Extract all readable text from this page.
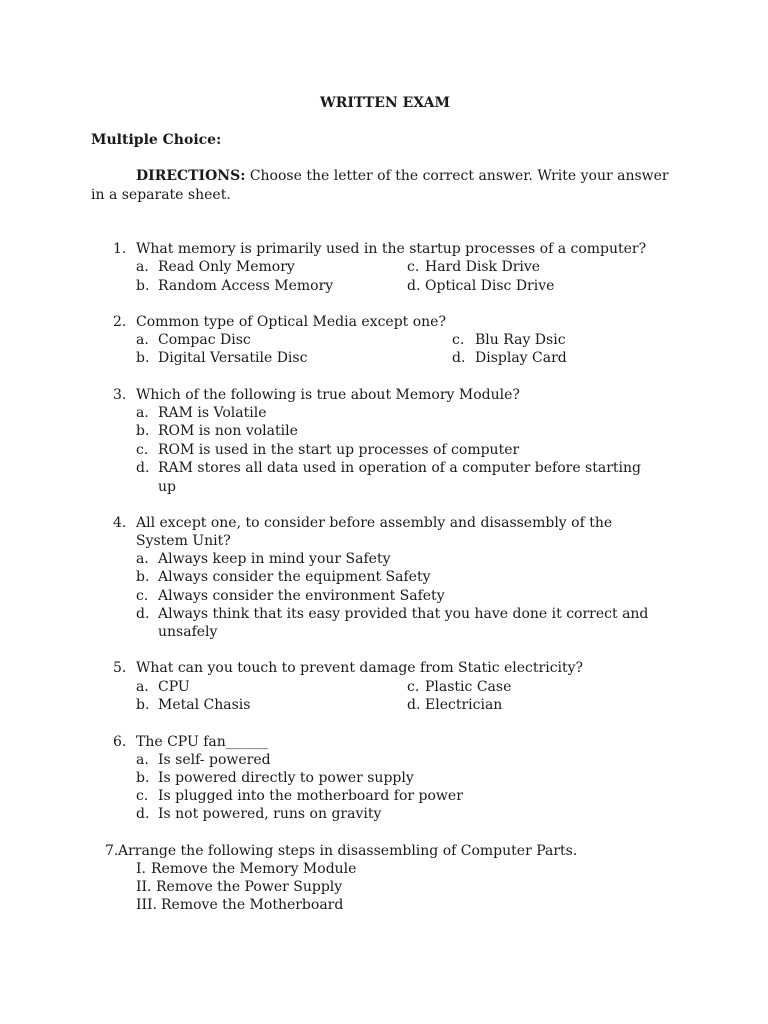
WRITTEN EXAM
Multiple Choice:
DIRECTIONS: Choose the letter of the correct answer. Write your answer
in a separate sheet.
1. What memory is primarily used in the startup processes of a computer?
a. Read Only Memory	c. Hard Disk Drive
b. Random Access Memory	d. Optical Disc Drive
2. Common type of Optical Media except one?
a. Compac Disc	c. Blu Ray Dsic
b. Digital Versatile Disc	d. Display Card
3. Which of the following is true about Memory Module?
a. RAM is Volatile
b. ROM is non volatile
c. ROM is used in the start up processes of computer
d. RAM stores all data used in operation of a computer before starting
up
4. All except one, to consider before assembly and disassembly of the
System Unit?
a. Always keep in mind your Safety
b. Always consider the equipment Safety
c. Always consider the environment Safety
d. Always think that its easy provided that you have done it correct and
unsafely
5. What can you touch to prevent damage from Static electricity?
a. CPU	c. Plastic Case
b. Metal Chasis	d. Electrician
6. The CPU fan______
a. Is self- powered
b. Is powered directly to power supply
c. Is plugged into the motherboard for power
d. Is not powered, runs on gravity
7. Arrange the following steps in disassembling of Computer Parts.
I. Remove the Memory Module
II. Remove the Power Supply
III. Remove the Motherboard
